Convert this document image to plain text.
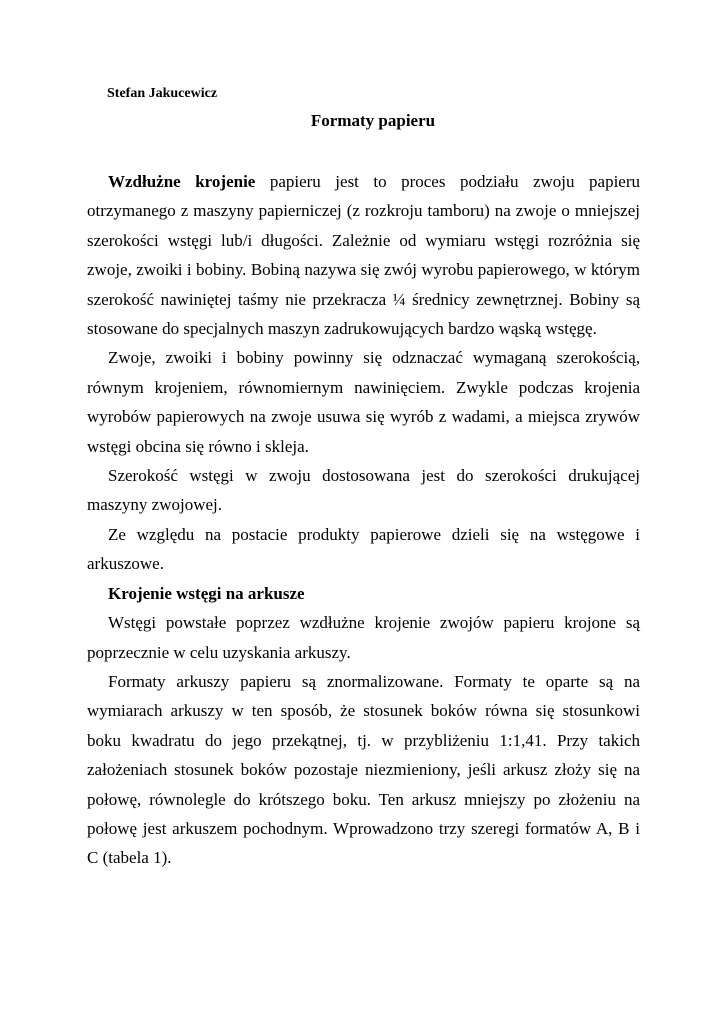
Stefan Jakucewicz
Formaty papieru

Wzdłużne krojenie papieru jest to proces podziału zwoju papieru otrzymanego z maszyny papierniczej (z rozkroju tamboru) na zwoje o mniejszej szerokości wstęgi lub/i długości. Zależnie od wymiaru wstęgi rozróżnia się zwoje, zwoiki i bobiny. Bobiną nazywa się zwój wyrobu papierowego, w którym szerokość nawiniętej taśmy nie przekracza ¼ średnicy zewnętrznej. Bobiny są stosowane do specjalnych maszyn zadrukowujących bardzo wąską wstęgę.

Zwoje, zwoiki i bobiny powinny się odznaczać wymaganą szerokością, równym krojeniem, równomiernym nawinięciem. Zwykle podczas krojenia wyrobów papierowych na zwoje usuwa się wyrób z wadami, a miejsca zrywów wstęgi obcina się równo i skleja.

Szerokość wstęgi w zwoju dostosowana jest do szerokości drukującej maszyny zwojowej.

Ze względu na postacie produkty papierowe dzieli się na wstęgowe i arkuszowe.

Krojenie wstęgi na arkusze

Wstęgi powstałe poprzez wzdłużne krojenie zwojów papieru krojone są poprzecznie w celu uzyskania arkuszy.

Formaty arkuszy papieru są znormalizowane. Formaty te oparte są na wymiarach arkuszy w ten sposób, że stosunek boków równa się stosunkowi boku kwadratu do jego przekątnej, tj. w przybliżeniu 1:1,41. Przy takich założeniach stosunek boków pozostaje niezmieniony, jeśli arkusz złoży się na połowę, równolegle do krótszego boku. Ten arkusz mniejszy po złożeniu na połowę jest arkuszem pochodnym. Wprowadzono trzy szeregi formatów A, B i C (tabela 1).
